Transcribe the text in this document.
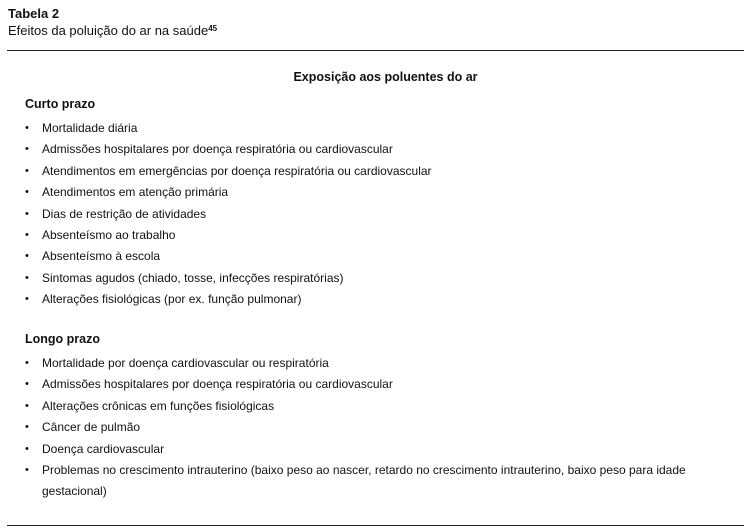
Tabela 2
Efeitos da poluição do ar na saúde$^{45}$
Exposição aos poluentes do ar
Curto prazo
• Mortalidade diária
• Admissões hospitalares por doença respiratória ou cardiovascular
• Atendimentos em emergências por doença respiratória ou cardiovascular
• Atendimentos em atenção primária
• Dias de restrição de atividades
• Absenteísmo ao trabalho
• Absenteísmo à escola
• Sintomas agudos (chiado, tosse, infecções respiratórias)
• Alterações fisiológicas (por ex. função pulmonar)
Longo prazo
• Mortalidade por doença cardiovascular ou respiratória
• Admissões hospitalares por doença respiratória ou cardiovascular
• Alterações crônicas em funções fisiológicas
• Câncer de pulmão
• Doença cardiovascular
• Problemas no crescimento intrauterino (baixo peso ao nascer, retardo no crescimento intrauterino, baixo peso para idade gestacional)
